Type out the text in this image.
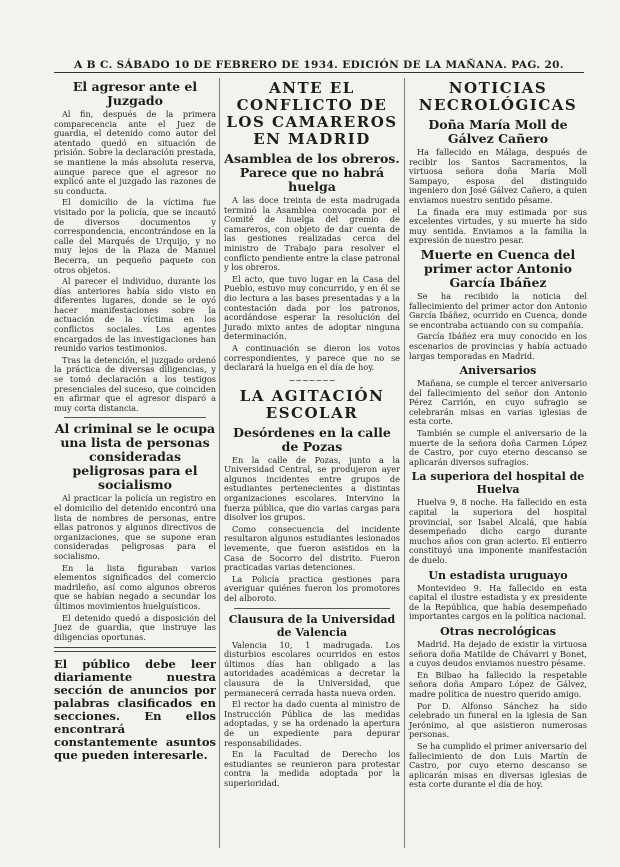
A B C. SÁBADO 10 DE FEBRERO DE 1934. EDICIÓN DE LA MAÑANA. PAG. 20.
El agresor ante el Juzgado

Al fin, después de la primera comparecencia ante el Juez de guardia, el detenido como autor del atentado quedó en situación de prisión. Sobre la declaración prestada, se mantiene la más absoluta reserva, aunque parece que el agresor no explicó ante el juzgado las razones de su conducta.

El domicilio de la víctima fue visitado por la policía, que se incautó de diversos documentos y correspondencia, encontrándose en la calle del Marqués de Urquijo, y no muy lejos de la Plaza de Manuel Becerra, un pequeño paquete con otros objetos.

Al parecer el individuo, durante los días anteriores había sido visto en diferentes lugares, donde se le oyó hacer manifestaciones sobre la actuación de la víctima en los conflictos sociales. Los agentes encargados de las investigaciones han reunido varios testimonios.

Tras la detención, el juzgado ordenó la práctica de diversas diligencias, y se tomó declaración a los testigos presenciales del suceso, que coinciden en afirmar que el agresor disparó a muy corta distancia.

Al criminal se le ocupa una lista de personas consideradas peligrosas para el socialismo

Al practicar la policía un registro en el domicilio del detenido encontró una lista de nombres de personas, entre ellas patronos y algunos directivos de organizaciones, que se supone eran consideradas peligrosas para el socialismo.

En la lista figuraban varios elementos significados del comercio madrileño, así como algunos obreros que se habían negado a secundar los últimos movimientos huelguísticos.

El detenido quedó a disposición del Juez de guardia, que instruye las diligencias oportunas.

El público debe leer diariamente nuestra sección de anuncios por palabras clasificados en secciones. En ellos encontrará constantemente asuntos que pueden interesarle.
ANTE EL CONFLICTO DE LOS CAMAREROS EN MADRID
Asamblea de los obreros. Parece que no habrá huelga

A las doce treinta de esta madrugada terminó la Asamblea convocada por el Comité de huelga del gremio de camareros, con objeto de dar cuenta de las gestiones realizadas cerca del ministro de Trabajo para resolver el conflicto pendiente entre la clase patronal y los obreros.

El acto, que tuvo lugar en la Casa del Pueblo, estuvo muy concurrido, y en él se dio lectura a las bases presentadas y a la contestación dada por los patronos, acordándose esperar la resolución del Jurado mixto antes de adoptar ninguna determinación.

A continuación se dieron los votos correspondientes, y parece que no se declarará la huelga en el día de hoy.

~~~~~~~
LA AGITACIÓN ESCOLAR
Desórdenes en la calle de Pozas

En la calle de Pozas, junto a la Universidad Central, se produjeron ayer algunos incidentes entre grupos de estudiantes pertenecientes a distintas organizaciones escolares. Intervino la fuerza pública, que dio varias cargas para disolver los grupos.

Como consecuencia del incidente resultaron algunos estudiantes lesionados levemente, que fueron asistidos en la Casa de Socorro del distrito. Fueron practicadas varias detenciones.

La Policía practica gestiones para averiguar quiénes fueron los promotores del alboroto.

Clausura de la Universidad de Valencia

Valencia 10, 1 madrugada. Los disturbios escolares ocurridos en estos últimos días han obligado a las autoridades académicas a decretar la clausura de la Universidad, que permanecerá cerrada hasta nueva orden.

El rector ha dado cuenta al ministro de Instrucción Pública de las medidas adoptadas, y se ha ordenado la apertura de un expediente para depurar responsabilidades.

En la Facultad de Derecho los estudiantes se reunieron para protestar contra la medida adoptada por la superioridad.

NOTICIAS NECROLÓGICAS
Doña María Moll de Gálvez Cañero

Ha fallecido en Málaga, después de recibir los Santos Sacramentos, la virtuosa señora doña María Moll Sampayo, esposa del distinguido ingeniero don José Gálvez Cañero, a quien enviamos nuestro sentido pésame.

La finada era muy estimada por sus excelentes virtudes, y su muerte ha sido muy sentida. Enviamos a la familia la expresión de nuestro pesar.

Muerte en Cuenca del primer actor Antonio García Ibáñez

Se ha recibido la noticia del fallecimiento del primer actor don Antonio García Ibáñez, ocurrido en Cuenca, donde se encontraba actuando con su compañía.

García Ibáñez era muy conocido en los escenarios de provincias y había actuado largas temporadas en Madrid.

Aniversarios

Mañana, se cumple el tercer aniversario del fallecimiento del señor don Antonio Pérez Carrión, en cuyo sufragio se celebrarán misas en varias iglesias de esta corte.

También se cumple el aniversario de la muerte de la señora doña Carmen López de Castro, por cuyo eterno descanso se aplicarán diversos sufragios.

La superiora del hospital de Huelva

Huelva 9, 8 noche. Ha fallecido en esta capital la superiora del hospital provincial, sor Isabel Alcalá, que había desempeñado dicho cargo durante muchos años con gran acierto. El entierro constituyó una imponente manifestación de duelo.

Un estadista uruguayo

Montevideo 9. Ha fallecido en esta capital el ilustre estadista y ex presidente de la República, que había desempeñado importantes cargos en la política nacional.

Otras necrológicas

Madrid. Ha dejado de existir la virtuosa señora doña Matilde de Chávarri y Bonet, a cuyos deudos enviamos nuestro pésame.

En Bilbao ha fallecido la respetable señora doña Amparo López de Gálvez, madre política de nuestro querido amigo.

Por D. Alfonso Sánchez ha sido celebrado un funeral en la iglesia de San Jerónimo, al que asistieron numerosas personas.

Se ha cumplido el primer aniversario del fallecimiento de don Luis Martín de Castro, por cuyo eterno descanso se aplicarán misas en diversas iglesias de esta corte durante el día de hoy.
